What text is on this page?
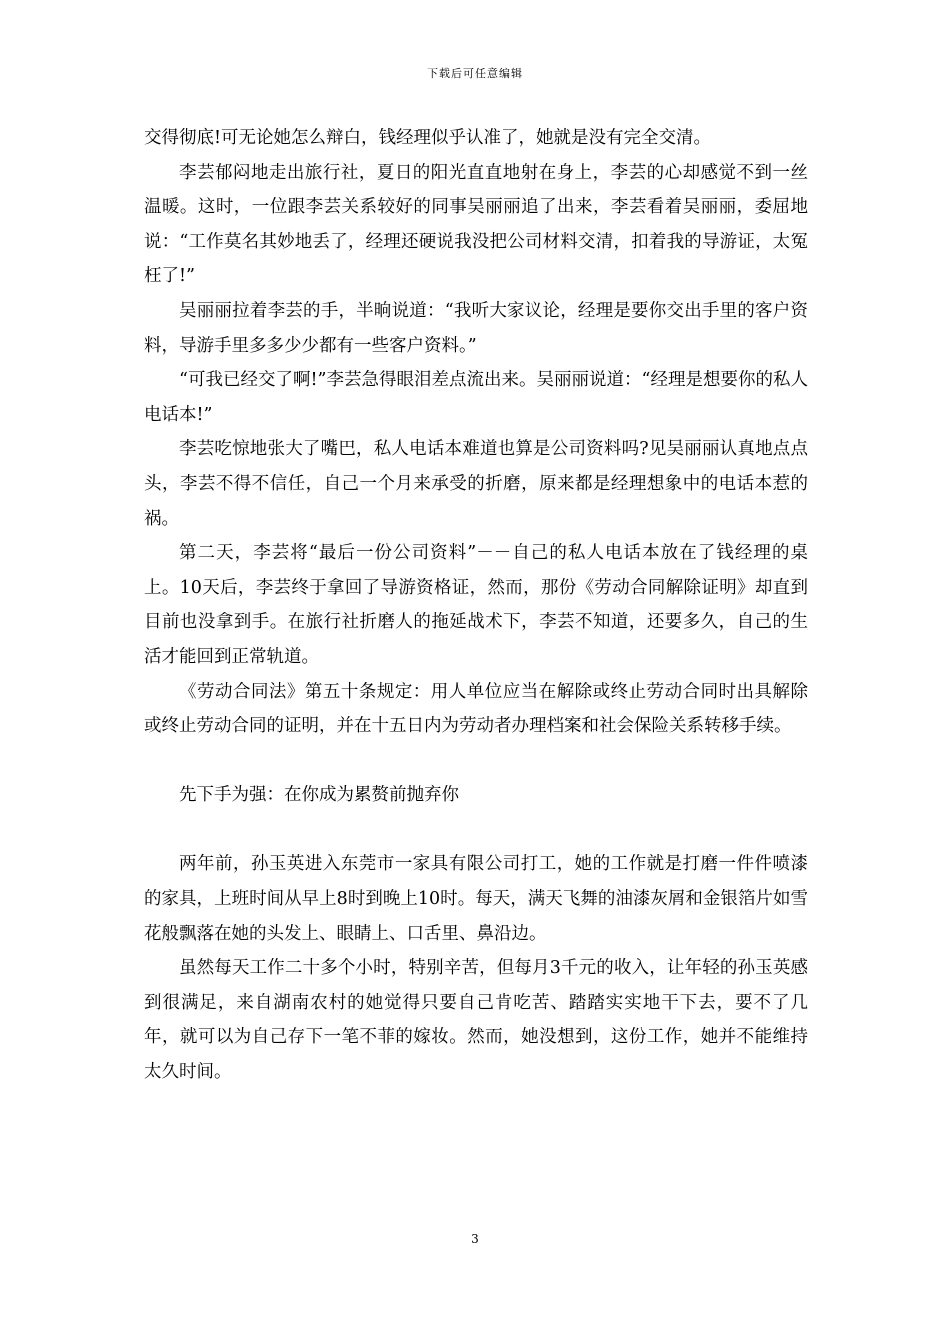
下载后可任意编辑

交得彻底!可无论她怎么辩白，钱经理似乎认准了，她就是没有完全交清。

李芸郁闷地走出旅行社，夏日的阳光直直地射在身上，李芸的心却感觉不到一丝温暖。这时，一位跟李芸关系较好的同事吴丽丽追了出来，李芸看着吴丽丽，委屈地说：“工作莫名其妙地丢了，经理还硬说我没把公司材料交清，扣着我的导游证，太冤枉了!”

吴丽丽拉着李芸的手，半晌说道：“我听大家议论，经理是要你交出手里的客户资料，导游手里多多少少都有一些客户资料。”

“可我已经交了啊!”李芸急得眼泪差点流出来。吴丽丽说道：“经理是想要你的私人电话本!”

李芸吃惊地张大了嘴巴，私人电话本难道也算是公司资料吗?见吴丽丽认真地点点头，李芸不得不信任，自己一个月来承受的折磨，原来都是经理想象中的电话本惹的祸。

第二天，李芸将“最后一份公司资料”－－自己的私人电话本放在了钱经理的桌上。10天后，李芸终于拿回了导游资格证，然而，那份《劳动合同解除证明》却直到目前也没拿到手。在旅行社折磨人的拖延战术下，李芸不知道，还要多久，自己的生活才能回到正常轨道。

《劳动合同法》第五十条规定：用人单位应当在解除或终止劳动合同时出具解除或终止劳动合同的证明，并在十五日内为劳动者办理档案和社会保险关系转移手续。

先下手为强：在你成为累赘前抛弃你

两年前，孙玉英进入东莞市一家具有限公司打工，她的工作就是打磨一件件喷漆的家具，上班时间从早上8时到晚上10时。每天，满天飞舞的油漆灰屑和金银箔片如雪花般飘落在她的头发上、眼睛上、口舌里、鼻沿边。

虽然每天工作二十多个小时，特别辛苦，但每月3千元的收入，让年轻的孙玉英感到很满足，来自湖南农村的她觉得只要自己肯吃苦、踏踏实实地干下去，要不了几年，就可以为自己存下一笔不菲的嫁妆。然而，她没想到，这份工作，她并不能维持太久时间。

3
